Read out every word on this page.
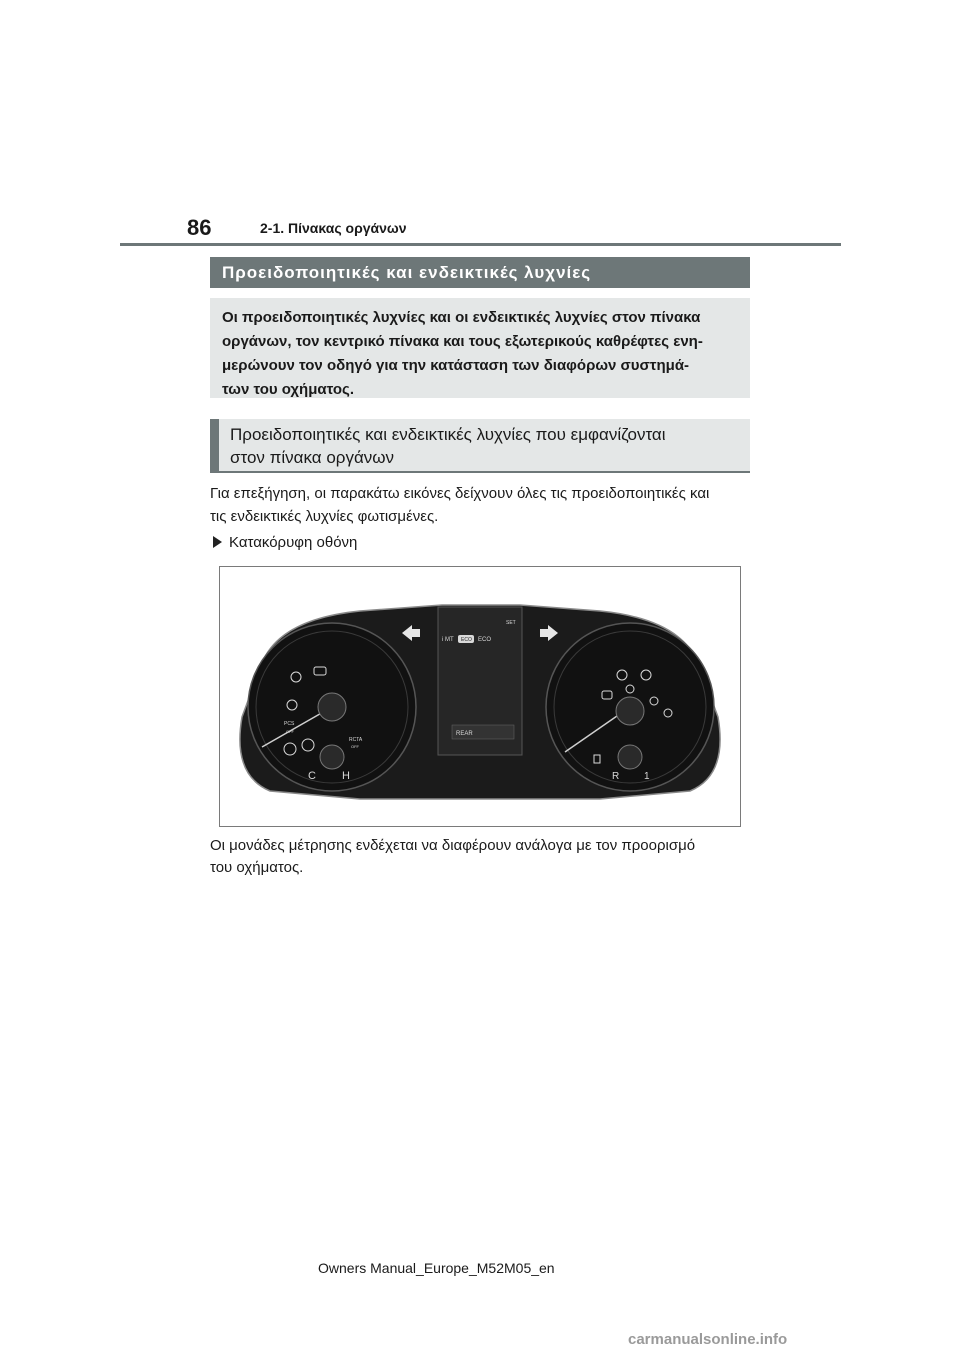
86	2-1. Πίνακας οργάνων
Προειδοποιητικές και ενδεικτικές λυχνίες
Οι προειδοποιητικές λυχνίες και οι ενδεικτικές λυχνίες στον πίνακα
οργάνων, τον κεντρικό πίνακα και τους εξωτερικούς καθρέφτες ενη-
μερώνουν τον οδηγό για την κατάσταση των διαφόρων συστημά-
των του οχήματος.
Προειδοποιητικές και ενδεικτικές λυχνίες που εμφανίζονται
στον πίνακα οργάνων
Για επεξήγηση, οι παρακάτω εικόνες δείχνουν όλες τις προειδοποιητικές και
τις ενδεικτικές λυχνίες φωτισμένες.
Κατακόρυφη οθόνη
i MT ECO ECO
SET
REAR
C H	R 1
PCS
OFF
RCTA
OFF
Οι μονάδες μέτρησης ενδέχεται να διαφέρουν ανάλογα με τον προορισμό
του οχήματος.
Owners Manual_Europe_M52M05_en
carmanualsonline.info
